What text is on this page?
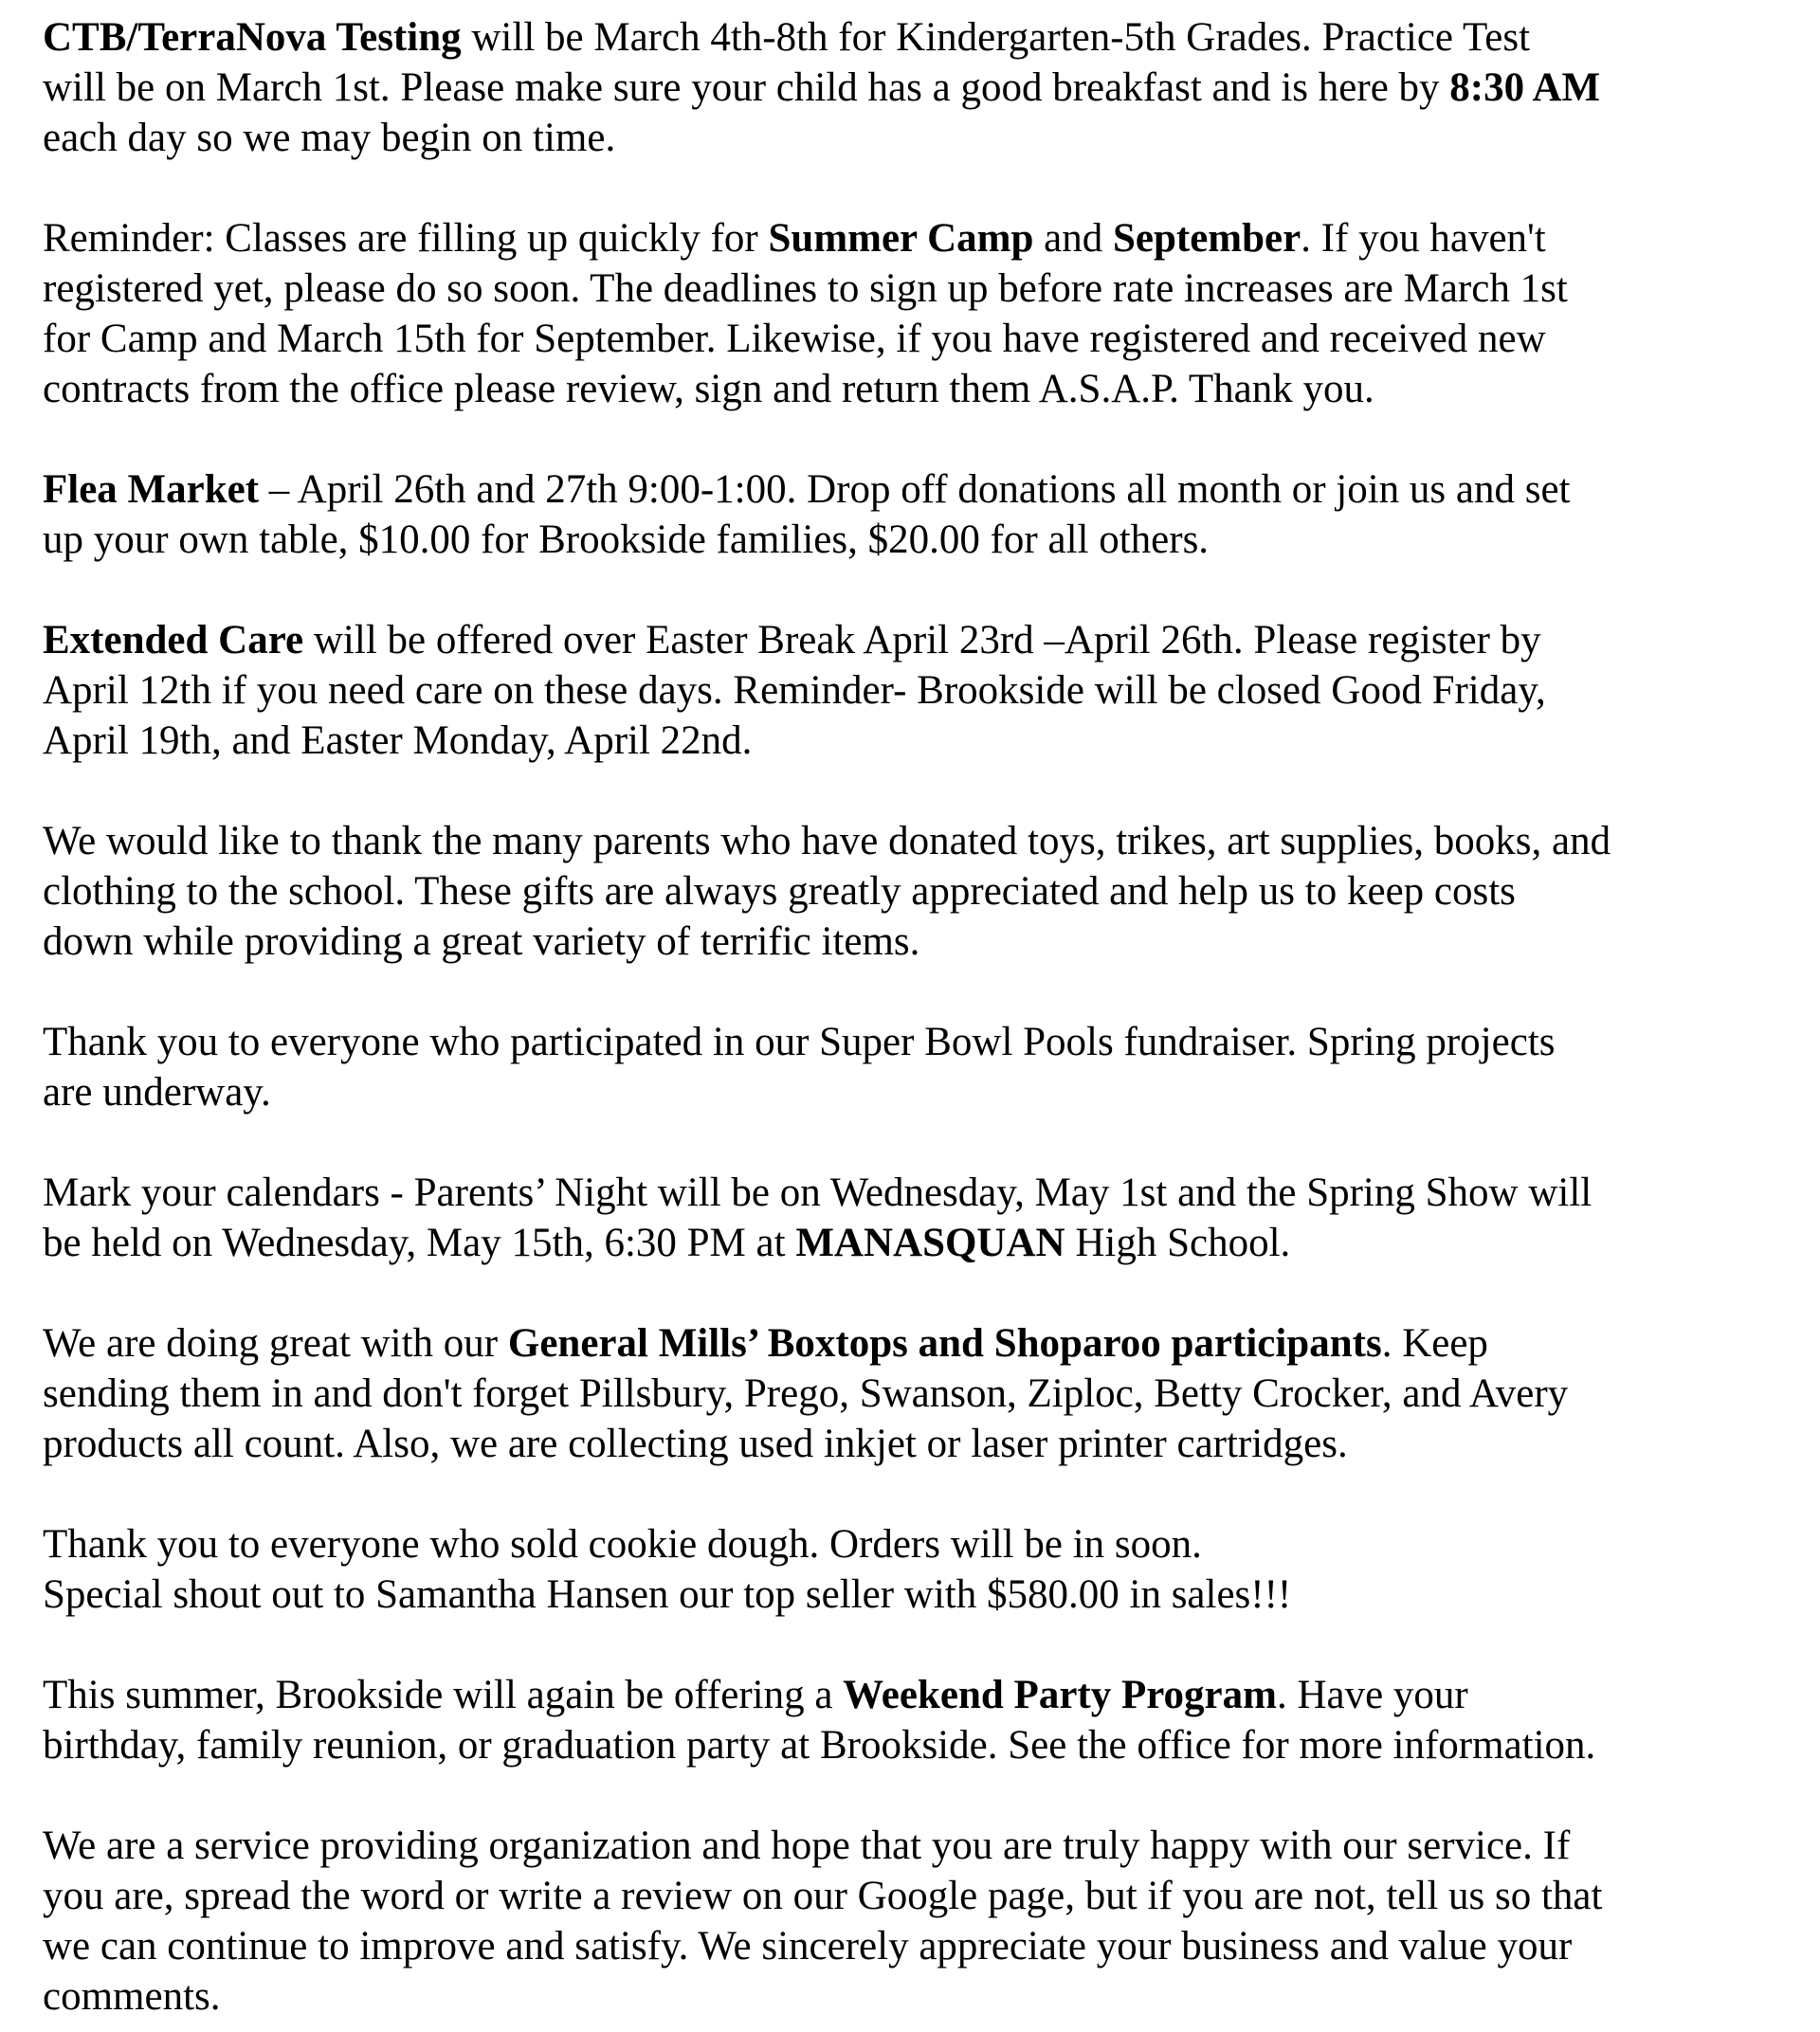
CTB/TerraNova Testing will be March 4th-8th for Kindergarten-5th Grades. Practice Test
will be on March 1st. Please make sure your child has a good breakfast and is here by 8:30 AM
each day so we may begin on time.
Reminder: Classes are filling up quickly for Summer Camp and September. If you haven't
registered yet, please do so soon. The deadlines to sign up before rate increases are March 1st
for Camp and March 15th for September. Likewise, if you have registered and received new
contracts from the office please review, sign and return them A.S.A.P. Thank you.
Flea Market – April 26th and 27th 9:00-1:00. Drop off donations all month or join us and set
up your own table, $10.00 for Brookside families, $20.00 for all others.
Extended Care will be offered over Easter Break April 23rd –April 26th. Please register by
April 12th if you need care on these days. Reminder- Brookside will be closed Good Friday,
April 19th, and Easter Monday, April 22nd.
We would like to thank the many parents who have donated toys, trikes, art supplies, books, and
clothing to the school. These gifts are always greatly appreciated and help us to keep costs
down while providing a great variety of terrific items.
Thank you to everyone who participated in our Super Bowl Pools fundraiser. Spring projects
are underway.
Mark your calendars - Parents’ Night will be on Wednesday, May 1st and the Spring Show will
be held on Wednesday, May 15th, 6:30 PM at MANASQUAN High School.
We are doing great with our General Mills’ Boxtops and Shoparoo participants. Keep
sending them in and don't forget Pillsbury, Prego, Swanson, Ziploc, Betty Crocker, and Avery
products all count. Also, we are collecting used inkjet or laser printer cartridges.
Thank you to everyone who sold cookie dough. Orders will be in soon.
Special shout out to Samantha Hansen our top seller with $580.00 in sales!!!
This summer, Brookside will again be offering a Weekend Party Program. Have your
birthday, family reunion, or graduation party at Brookside. See the office for more information.
We are a service providing organization and hope that you are truly happy with our service. If
you are, spread the word or write a review on our Google page, but if you are not, tell us so that
we can continue to improve and satisfy. We sincerely appreciate your business and value your
comments.
